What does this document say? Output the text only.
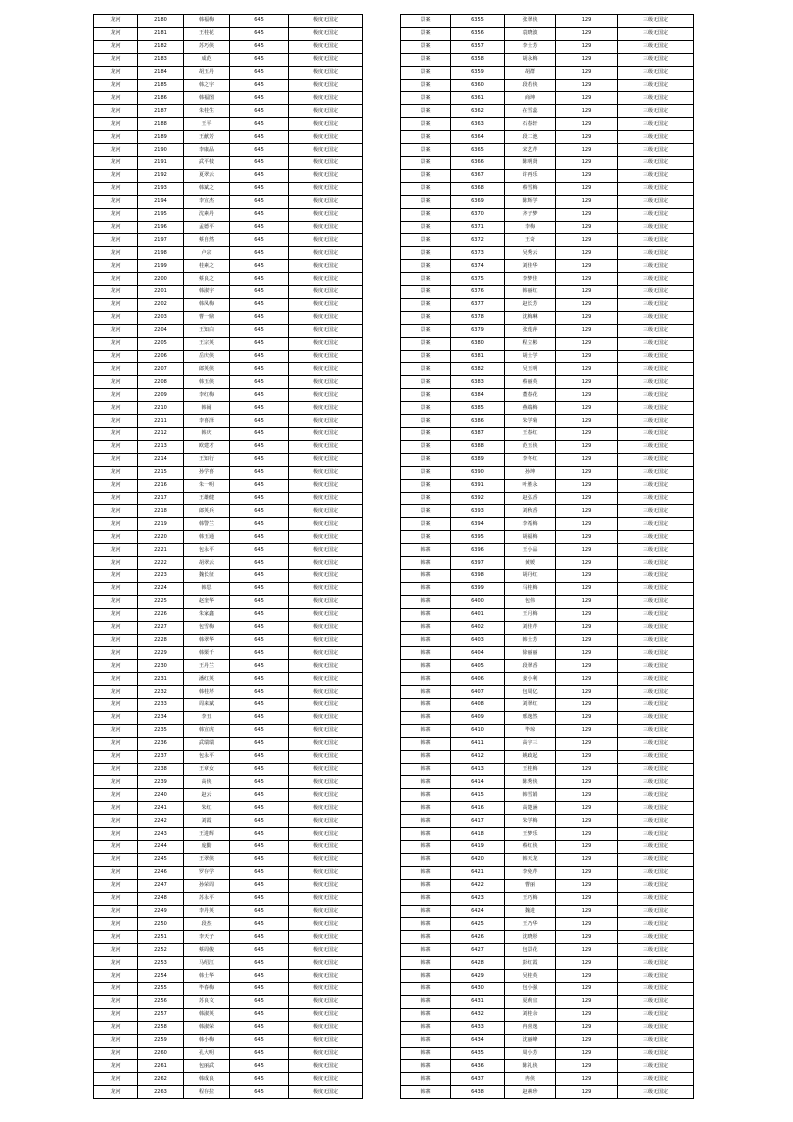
龙河	2180	韩福梅	645	极度无国定
龙河	2181	王桂花	645	极度无国定
龙河	2182	苏巧侠	645	极度无国定
龙河	2183	成范	645	极度无国定
龙河	2184	胡玉丹	645	极度无国定
龙河	2185	韩之宇	645	极度无国定
龙河	2186	韩福图	645	极度无国定
龙河	2187	朱桂生	645	极度无国定
龙河	2188	王平	645	极度无国定
龙河	2189	王献芳	645	极度无国定
龙河	2190	李康品	645	极度无国定
龙河	2191	武平枝	645	极度无国定
龙河	2192	夏翠云	645	极度无国定
龙河	2193	韩斌之	645	极度无国定
龙河	2194	李宣杰	645	极度无国定
龙河	2195	沈素丹	645	极度无国定
龙河	2196	孟德平	645	极度无国定
龙河	2197	蔡自然	645	极度无国定
龙河	2198	卢宗	645	极度无国定
龙河	2199	桂素之	645	极度无国定
龙河	2200	蔡良之	645	极度无国定
龙河	2201	韩淑宇	645	极度无国定
龙河	2202	韩凤梅	645	极度无国定
龙河	2203	曹一鼎	645	极度无国定
龙河	2204	王知白	645	极度无国定
龙河	2205	王宗英	645	极度无国定
龙河	2206	岳庆侠	645	极度无国定
龙河	2207	郎英侠	645	极度无国定
龙河	2208	韩玉侠	645	极度无国定
龙河	2209	李红梅	645	极度无国定
龙河	2210	韩闹	645	极度无国定
龙河	2211	李喜泽	645	极度无国定
龙河	2212	韩庆	645	极度无国定
龙河	2213	欧建才	645	极度无国定
龙河	2214	王知行	645	极度无国定
龙河	2215	孙学喜	645	极度无国定
龙河	2216	朱一明	645	极度无国定
龙河	2217	王雄健	645	极度无国定
龙河	2218	郎英兵	645	极度无国定
龙河	2219	韩警兰	645	极度无国定
龙河	2220	韩玉通	645	极度无国定
龙河	2221	包永平	645	极度无国定
龙河	2222	胡翠云	645	极度无国定
龙河	2223	魏长征	645	极度无国定
龙河	2224	韩思	645	极度无国定
龙河	2225	赵奎华	645	极度无国定
龙河	2226	朱家鑫	645	极度无国定
龙河	2227	包雪梅	645	极度无国定
龙河	2228	韩翠华	645	极度无国定
龙河	2229	韩栗千	645	极度无国定
龙河	2230	王丹兰	645	极度无国定
龙河	2231	潘红英	645	极度无国定
龙河	2232	韩桂芹	645	极度无国定
龙河	2233	周来斌	645	极度无国定
龙河	2234	李丑	645	极度无国定
龙河	2235	韩宣虎	645	极度无国定
龙河	2236	武瑞瑞	645	极度无国定
龙河	2237	包永平	645	极度无国定
龙河	2238	王章女	645	极度无国定
龙河	2239	高侠	645	极度无国定
龙河	2240	赵云	645	极度无国定
龙河	2241	朱红	645	极度无国定
龙河	2242	刘霞	645	极度无国定
龙河	2243	王进辉	645	极度无国定
龙河	2244	庞勤	645	极度无国定
龙河	2245	王翠侠	645	极度无国定
龙河	2246	罗存学	645	极度无国定
龙河	2247	孙荣周	645	极度无国定
龙河	2248	苏永平	645	极度无国定
龙河	2249	李丹英	645	极度无国定
龙河	2250	段杰	645	极度无国定
龙河	2251	李天子	645	极度无国定
龙河	2252	蔡周俊	645	极度无国定
龙河	2253	马绍江	645	极度无国定
龙河	2254	韩士华	645	极度无国定
龙河	2255	毕春梅	645	极度无国定
龙河	2256	苏良文	645	极度无国定
龙河	2257	韩淑英	645	极度无国定
龙河	2258	韩淑荣	645	极度无国定
龙河	2259	韩小梅	645	极度无国定
龙河	2260	孔大明	645	极度无国定
龙河	2261	包丽武	645	极度无国定
龙河	2262	韩成良	645	极度无国定
龙河	2263	程存拉	645	极度无国定
景案	6355	张翠侠	129	三级无国定
景案	6356	袁晓波	129	三级无国定
景案	6357	李士芳	129	三级无国定
景案	6358	胡永梅	129	三级无国定
景案	6359	胡群	129	三级无国定
景案	6360	段若侠	129	三级无国定
景案	6361	商坤	129	三级无国定
景案	6362	在雪蕊	129	三级无国定
景案	6363	石春轩	129	三级无国定
景案	6364	段二池	129	三级无国定
景案	6365	宋艺芹	129	三级无国定
景案	6366	陈明贤	129	三级无国定
景案	6367	许再乐	129	三级无国定
景案	6368	蔡雪梅	129	三级无国定
景案	6369	陈辉学	129	三级无国定
景案	6370	齐子梦	129	三级无国定
景案	6371	李梅	129	三级无国定
景案	6372	王奇	129	三级无国定
景案	6373	吴秀云	129	三级无国定
景案	6374	刘佳华	129	三级无国定
景案	6375	李梦佳	129	三级无国定
景案	6376	韩丽红	129	三级无国定
景案	6377	赵长芳	129	三级无国定
景案	6378	沈梅琳	129	三级无国定
景案	6379	张莲萍	129	三级无国定
景案	6380	程立彬	129	三级无国定
景案	6381	胡士学	129	三级无国定
景案	6382	吴玉明	129	三级无国定
景案	6383	蔡丽英	129	三级无国定
景案	6384	董春花	129	三级无国定
景案	6385	燕端梅	129	三级无国定
景案	6386	朱学菊	129	三级无国定
景案	6387	王春红	129	三级无国定
景案	6388	范玉侠	129	三级无国定
景案	6389	李冬红	129	三级无国定
景案	6390	孙坤	129	三级无国定
景案	6391	叶胜永	129	三级无国定
景案	6392	赵弘香	129	三级无国定
景案	6393	刘秋香	129	三级无国定
景案	6394	李希梅	129	三级无国定
景案	6395	胡福梅	129	三级无国定
韩寨	6396	王小品	129	三级无国定
韩寨	6397	黄媛	129	三级无国定
韩寨	6398	胡丹红	129	三级无国定
韩寨	6399	马桂梅	129	三级无国定
韩寨	6400	包伟	129	三级无国定
韩寨	6401	王月梅	129	三级无国定
韩寨	6402	刘佳芹	129	三级无国定
韩寨	6403	韩士芳	129	三级无国定
韩寨	6404	徐丽丽	129	三级无国定
韩寨	6405	段翠香	129	三级无国定
韩寨	6406	姜小利	129	三级无国定
韩寨	6407	包周亿	129	三级无国定
韩寨	6408	刘翠红	129	三级无国定
韩寨	6409	邢逸然	129	三级无国定
韩寨	6410	毕琼	129	三级无国定
韩寨	6411	高宇三	129	三级无国定
韩寨	6412	姚政起	129	三级无国定
韩寨	6413	王桂梅	129	三级无国定
韩寨	6414	陈秀侠	129	三级无国定
韩寨	6415	韩雪娟	129	三级无国定
韩寨	6416	高楚涵	129	三级无国定
韩寨	6417	朱学梅	129	三级无国定
韩寨	6418	王梦乐	129	三级无国定
韩寨	6419	蔡红侠	129	三级无国定
韩寨	6420	韩天龙	129	三级无国定
韩寨	6421	李免芹	129	三级无国定
韩寨	6422	曹丽	129	三级无国定
韩寨	6423	王巧梅	129	三级无国定
韩寨	6424	魏进	129	三级无国定
韩寨	6425	王乃华	129	三级无国定
韩寨	6426	沈晓彤	129	三级无国定
韩寨	6427	包景花	129	三级无国定
韩寨	6428	彭红霞	129	三级无国定
韩寨	6429	吴桂英	129	三级无国定
韩寨	6430	包小强	129	三级无国定
韩寨	6431	夏莉宜	129	三级无国定
韩寨	6432	刘桂余	129	三级无国定
韩寨	6433	冉喜逸	129	三级无国定
韩寨	6434	沈丽峰	129	三级无国定
韩寨	6435	周小芳	129	三级无国定
韩寨	6436	陈礼侠	129	三级无国定
韩寨	6437	冉侠	129	三级无国定
韩寨	6438	赵素珍	129	三级无国定
